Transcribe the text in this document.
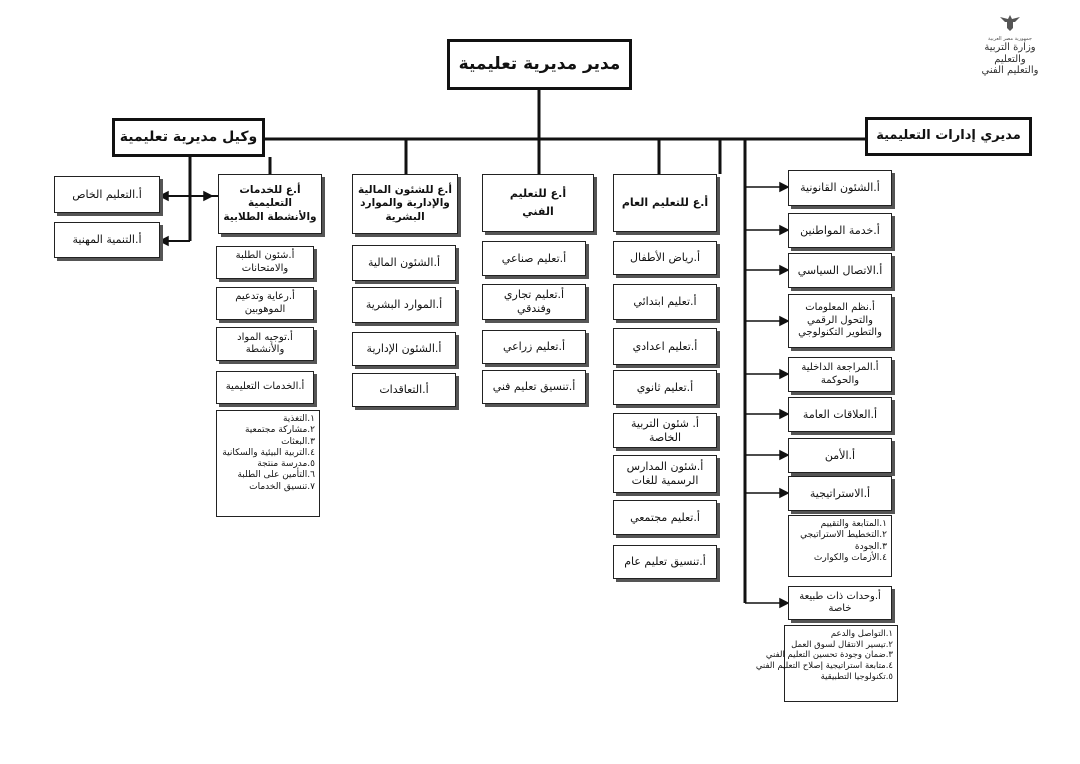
جمهورية مصر العربية
وزارة التربية والتعليم
والتعليم الفني
مدير مديرية تعليمية
وكيل مديرية تعليمية	مديري إدارات التعليمية
أ.التعليم الخاص
أ.التنمية المهنية
أ.ع للخدمات التعليمية والأنشطة الطلابية
أ.شئون الطلبة والامتحانات
أ.رعاية وتدعيم الموهوبين
أ.توجيه المواد والأنشطة
أ.الخدمات التعليمية
١.التغذية
٢.مشاركة مجتمعية
٣.البعثات
٤.التربية البيئية والسكانية
٥.مدرسة منتجة
٦.التأمين على الطلبة
٧.تنسيق الخدمات
أ.ع للشئون المالية والإدارية والموارد البشرية
أ.الشئون المالية
أ.الموارد البشرية
أ.الشئون الإدارية
أ.التعاقدات
أ.ع للتعليم
الفني
أ.تعليم صناعي
أ.تعليم تجاري وفندقي
أ.تعليم زراعي
أ.تنسيق تعليم فني
أ.ع للتعليم العام
أ.رياض الأطفال
أ.تعليم ابتدائي
أ.تعليم اعدادي
أ.تعليم ثانوي
أ. شئون التربية الخاصة
أ.شئون المدارس الرسمية للغات
أ.تعليم مجتمعي
أ.تنسيق تعليم عام
أ.الشئون القانونية
أ.خدمة المواطنين
أ.الاتصال السياسي
أ.نظم المعلومات والتحول الرقمي والتطوير التكنولوجي
أ.المراجعة الداخلية والحوكمة
أ.العلاقات العامة
أ.الأمن
أ.الاستراتيجية
١.المتابعة والتقييم
٢.التخطيط الاستراتيجي
٣.الجودة
٤.الأزمات والكوارث
أ.وحدات ذات طبيعة خاصة
١.التواصل والدعم
٢.تيسير الانتقال لسوق العمل
٣.ضمان وجودة تحسين التعليم الفني
٤.متابعة استراتيجية إصلاح التعليم الفني
٥.تكنولوجيا التطبيقية
